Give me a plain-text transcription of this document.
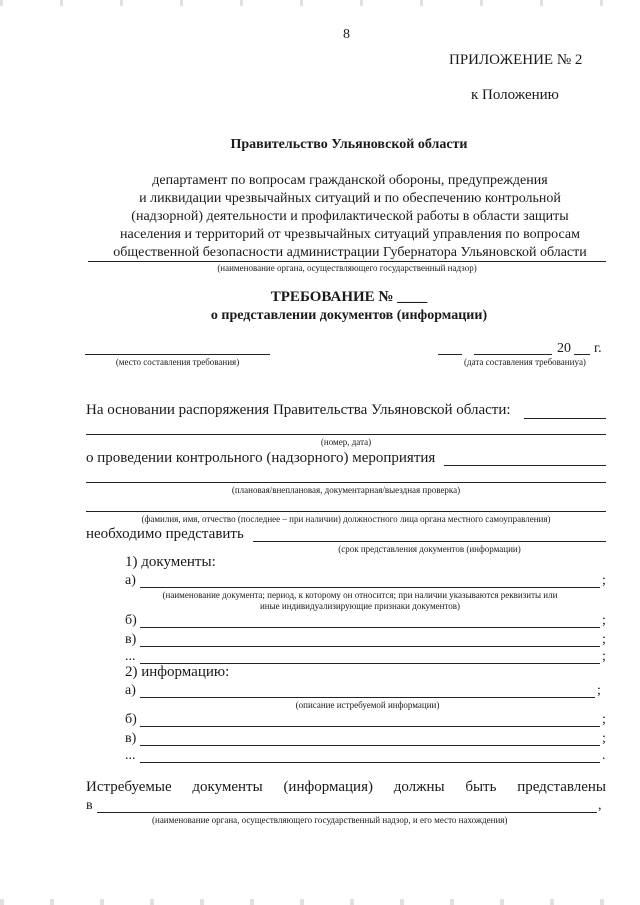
8
ПРИЛОЖЕНИЕ № 2
к Положению
Правительство Ульяновской области
департамент по вопросам гражданской обороны, предупреждения
и ликвидации чрезвычайных ситуаций и по обеспечению контрольной
(надзорной) деятельности и профилактической работы в области защиты
населения и территорий от чрезвычайных ситуаций управления по вопросам
общественной безопасности администрации Губернатора Ульяновской области
(наименование органа, осуществляющего государственный надзор)
ТРЕБОВАНИЕ № ____
о представлении документов (информации)
(место составления требования)
20 г.
(дата составления требованиya)
На основании распоряжения Правительства Ульяновской области:
(номер, дата)
о проведении контрольного (надзорного) мероприятия
(плановая/внеплановая, документарная/выездная проверка)
(фамилия, имя, отчество (последнее – при наличии) должностного лица органа местного самоуправления)
необходимо представить
(срок представления документов (информации)
1) документы:
а)	;
(наименование документа; период, к которому он относится; при наличии указываются реквизиты или
иные индивидуализирующие признаки документов)
б)	;
в)	;
...	;
2) информацию:
а)	;
(описание истребуемой информации)
б)	;
в)	;
...	.
Истребуемые документы (информация) должны быть представлены
в	,
(наименование органа, осуществляющего государственный надзор, и его место нахождения)
